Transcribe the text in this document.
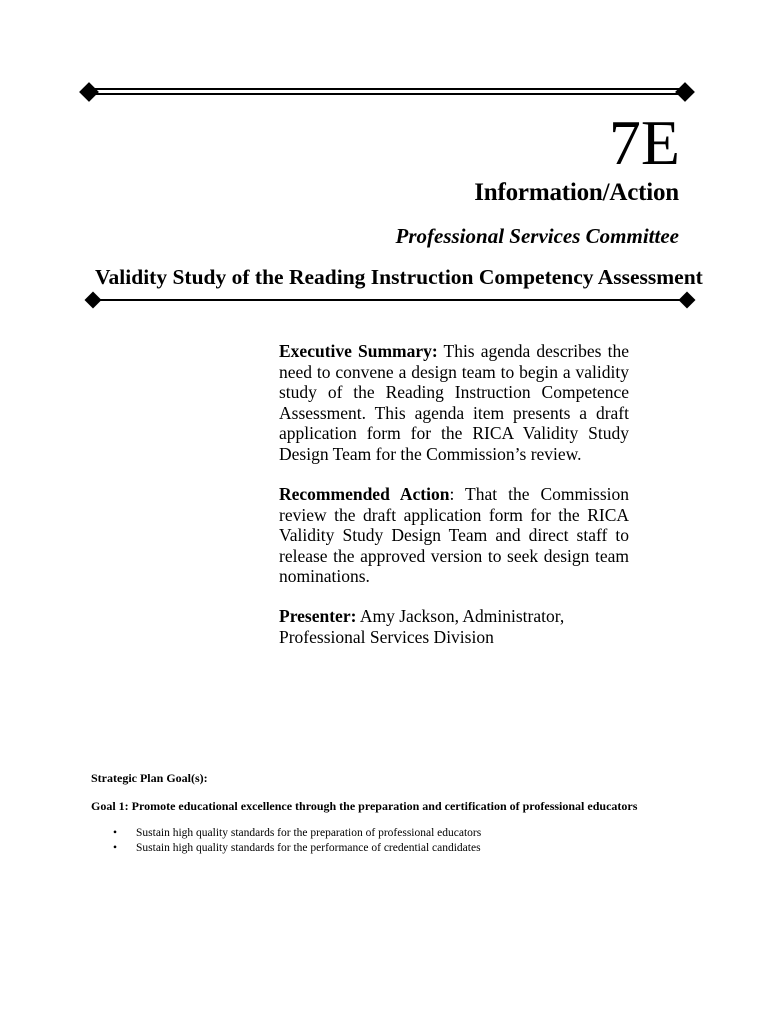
7E
Information/Action
Professional Services Committee
Validity Study of the Reading Instruction Competency Assessment
Executive Summary: This agenda describes the need to convene a design team to begin a validity study of the Reading Instruction Competence Assessment. This agenda item presents a draft application form for the RICA Validity Study Design Team for the Commission’s review.
Recommended Action: That the Commission review the draft application form for the RICA Validity Study Design Team and direct staff to release the approved version to seek design team nominations.
Presenter: Amy Jackson, Administrator,
Professional Services Division
Strategic Plan Goal(s):
Goal 1: Promote educational excellence through the preparation and certification of professional educators
• Sustain high quality standards for the preparation of professional educators
• Sustain high quality standards for the performance of credential candidates
